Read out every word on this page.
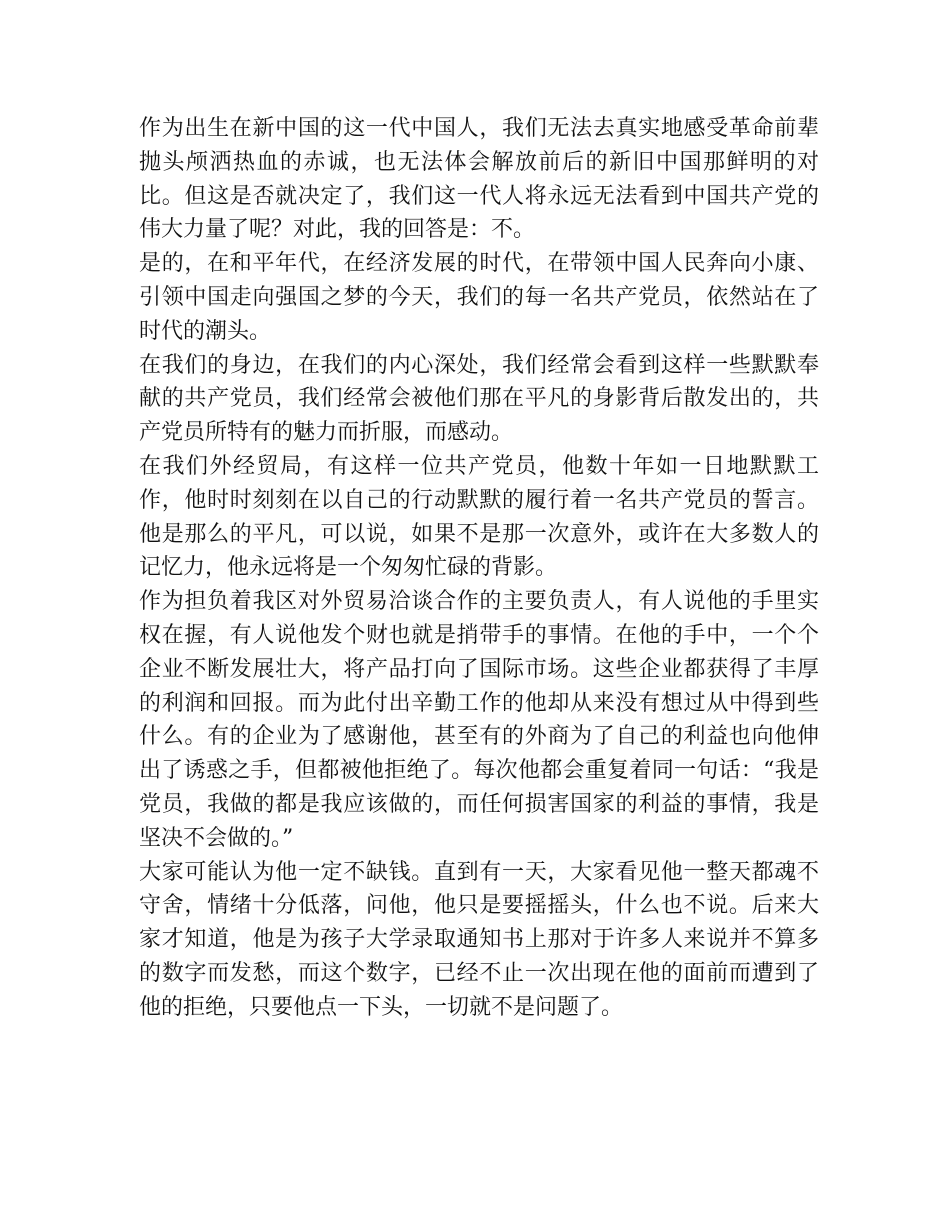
作为出生在新中国的这一代中国人，我们无法去真实地感受革命前辈抛头颅洒热血的赤诚，也无法体会解放前后的新旧中国那鲜明的对比。但这是否就决定了，我们这一代人将永远无法看到中国共产党的伟大力量了呢？对此，我的回答是：不。

是的，在和平年代，在经济发展的时代，在带领中国人民奔向小康、引领中国走向强国之梦的今天，我们的每一名共产党员，依然站在了时代的潮头。

在我们的身边，在我们的内心深处，我们经常会看到这样一些默默奉献的共产党员，我们经常会被他们那在平凡的身影背后散发出的，共产党员所特有的魅力而折服，而感动。

在我们外经贸局，有这样一位共产党员，他数十年如一日地默默工作，他时时刻刻在以自己的行动默默的履行着一名共产党员的誓言。他是那么的平凡，可以说，如果不是那一次意外，或许在大多数人的记忆力，他永远将是一个匆匆忙碌的背影。

作为担负着我区对外贸易洽谈合作的主要负责人，有人说他的手里实权在握，有人说他发个财也就是捎带手的事情。在他的手中，一个个企业不断发展壮大，将产品打向了国际市场。这些企业都获得了丰厚的利润和回报。而为此付出辛勤工作的他却从来没有想过从中得到些什么。有的企业为了感谢他，甚至有的外商为了自己的利益也向他伸出了诱惑之手，但都被他拒绝了。每次他都会重复着同一句话：“我是党员，我做的都是我应该做的，而任何损害国家的利益的事情，我是坚决不会做的。”

大家可能认为他一定不缺钱。直到有一天，大家看见他一整天都魂不守舍，情绪十分低落，问他，他只是要摇摇头，什么也不说。后来大家才知道，他是为孩子大学录取通知书上那对于许多人来说并不算多的数字而发愁，而这个数字，已经不止一次出现在他的面前而遭到了他的拒绝，只要他点一下头，一切就不是问题了。
